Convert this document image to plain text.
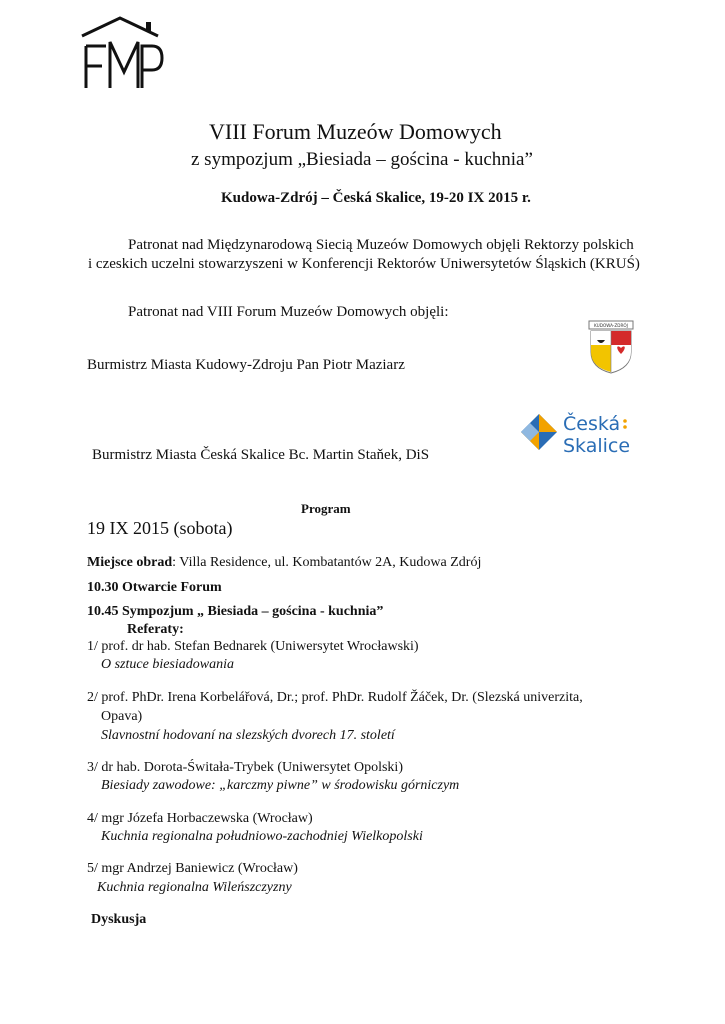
FMP
VIII Forum Muzeów Domowych
z sympozjum „Biesiada – gościna - kuchnia”
Kudowa-Zdrój – Česká Skalice, 19-20 IX 2015 r.
Patronat nad Międzynarodową Siecią Muzeów Domowych objęli Rektorzy polskich
i czeskich uczelni stowarzyszeni w Konferencji Rektorów Uniwersytetów Śląskich (KRUŚ)
Patronat nad VIII Forum Muzeów Domowych objęli:
Burmistrz Miasta Kudowy-Zdroju Pan Piotr Maziarz
Burmistrz Miasta Česká Skalice Bc. Martin Staňek, DiS
KUDOWA-ZDRÓJ
Česká
Skalice
Program
19 IX 2015 (sobota)
Miejsce obrad: Villa Residence, ul. Kombatantów 2A, Kudowa Zdrój
10.30 Otwarcie Forum
10.45 Sympozjum „ Biesiada – gościna - kuchnia”
Referaty:
1/ prof. dr hab. Stefan Bednarek (Uniwersytet Wrocławski)
O sztuce biesiadowania
2/ prof. PhDr. Irena Korbelářová, Dr.; prof. PhDr. Rudolf Žáček, Dr. (Slezská univerzita,
Opava)
Slavnostní hodovaní na slezských dvorech 17. století
3/ dr hab. Dorota-Świtała-Trybek (Uniwersytet Opolski)
Biesiady zawodowe: „karczmy piwne” w środowisku górniczym
4/ mgr Józefa Horbaczewska (Wrocław)
Kuchnia regionalna południowo-zachodniej Wielkopolski
5/ mgr Andrzej Baniewicz (Wrocław)
Kuchnia regionalna Wileńszczyzny
Dyskusja
